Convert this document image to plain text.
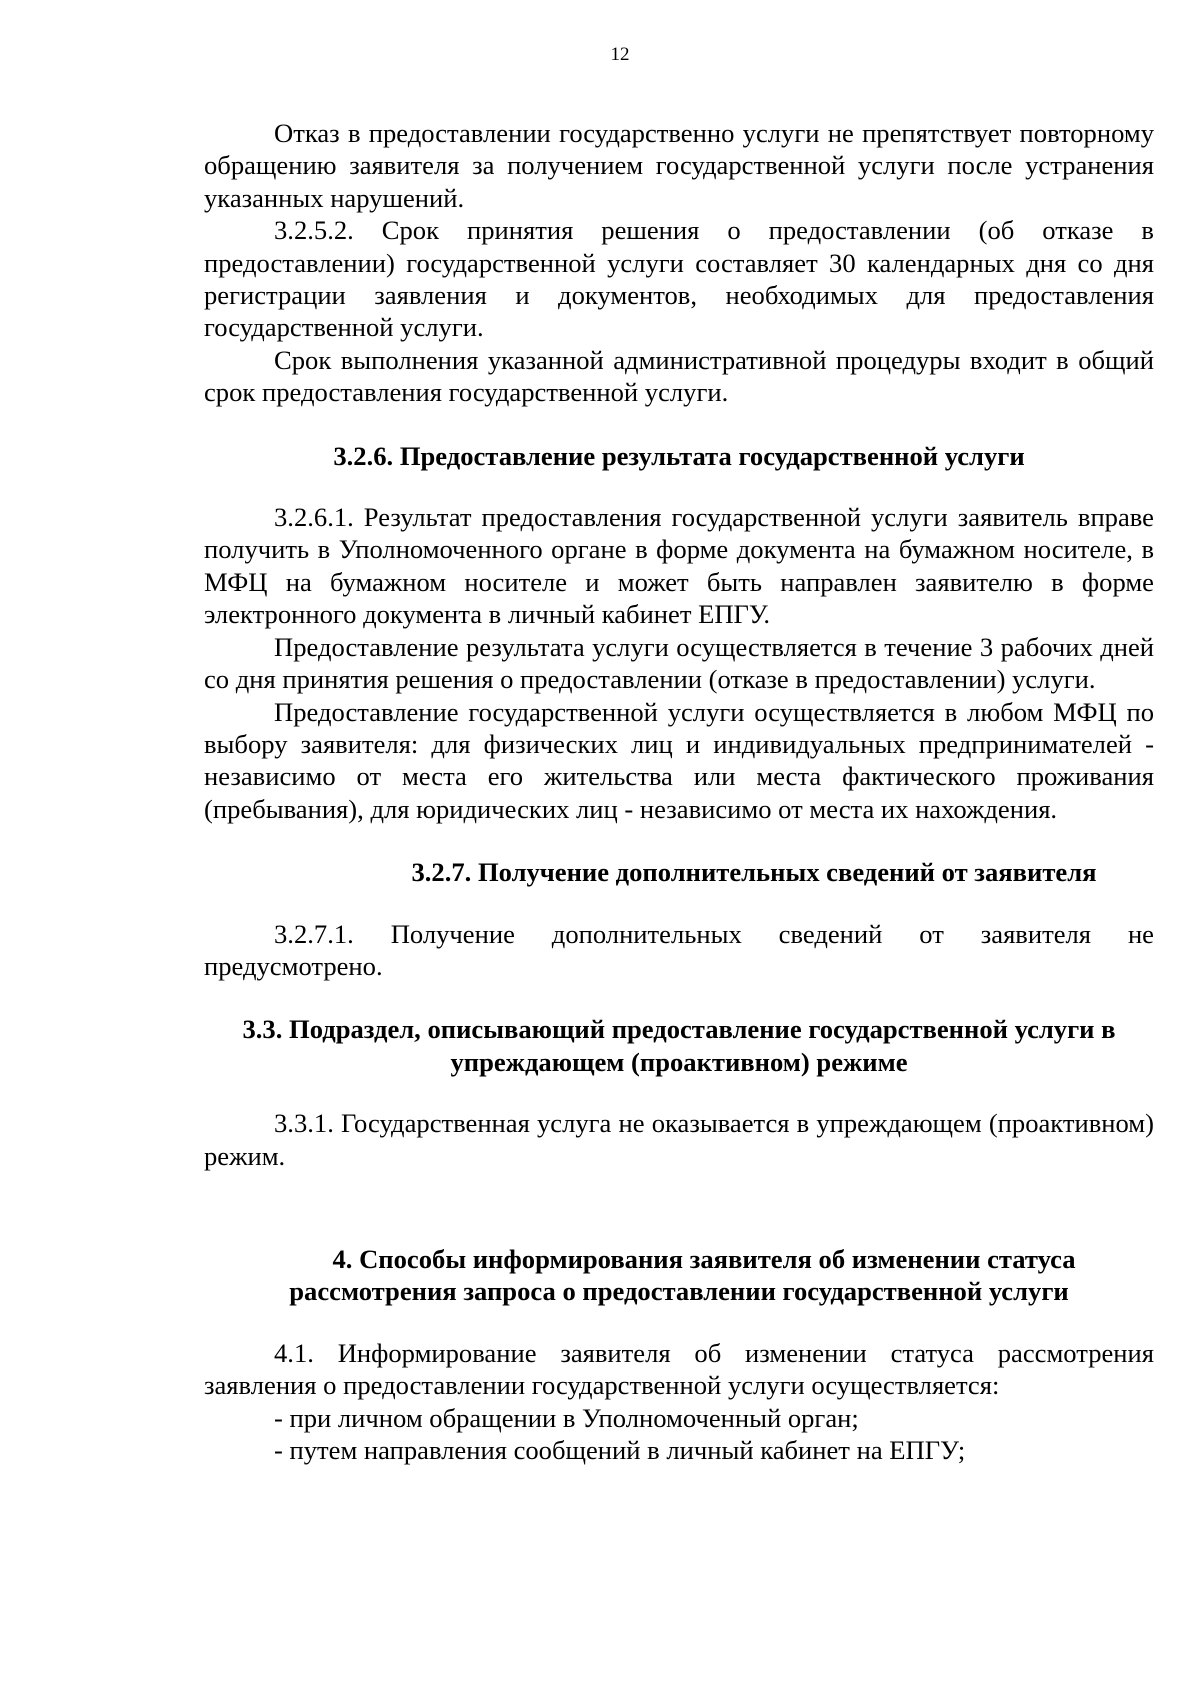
12

Отказ в предоставлении государственно услуги не препятствует повторному обращению заявителя за получением государственной услуги после устранения указанных нарушений.

3.2.5.2. Срок принятия решения о предоставлении (об отказе в предоставлении) государственной услуги составляет 30 календарных дня со дня регистрации заявления и документов, необходимых для предоставления государственной услуги.

Срок выполнения указанной административной процедуры входит в общий срок предоставления государственной услуги.

3.2.6. Предоставление результата государственной услуги

3.2.6.1. Результат предоставления государственной услуги заявитель вправе получить в Уполномоченного органе в форме документа на бумажном носителе, в МФЦ на бумажном носителе и может быть направлен заявителю в форме электронного документа в личный кабинет ЕПГУ.

Предоставление результата услуги осуществляется в течение 3 рабочих дней со дня принятия решения о предоставлении (отказе в предоставлении) услуги.

Предоставление государственной услуги осуществляется в любом МФЦ по выбору заявителя: для физических лиц и индивидуальных предпринимателей - независимо от места его жительства или места фактического проживания (пребывания), для юридических лиц - независимо от места их нахождения.

3.2.7. Получение дополнительных сведений от заявителя

3.2.7.1. Получение дополнительных сведений от заявителя не предусмотрено.

3.3. Подраздел, описывающий предоставление государственной услуги в
упреждающем (проактивном) режиме

3.3.1. Государственная услуга не оказывается в упреждающем (проактивном) режим.

4. Способы информирования заявителя об изменении статуса
рассмотрения запроса о предоставлении государственной услуги

4.1. Информирование заявителя об изменении статуса рассмотрения заявления о предоставлении государственной услуги осуществляется:

- при личном обращении в Уполномоченный орган;

- путем направления сообщений в личный кабинет на ЕПГУ;
